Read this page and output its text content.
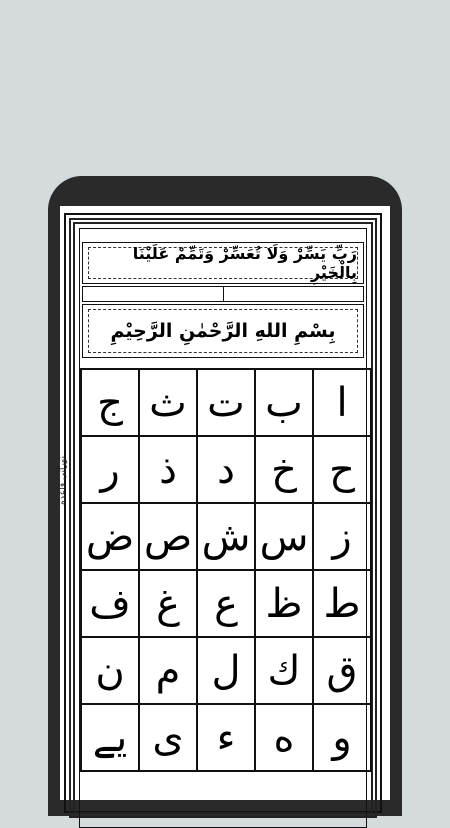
نورانی قاعدہ
رَبِّ يَسِّرْ وَلَا تُعَسِّرْ وَتَمِّمْ عَلَيْنَا بِالْخَيْرِ
بِسْمِ اللهِ الرَّحْمٰنِ الرَّحِيْمِ
ا
ب
ت
ث
ج
ح
خ
د
ذ
ر
ز
س
ش
ص
ض
ط
ظ
ع
غ
ف
ق
ك
ل
م
ن
و
ه
ء
ى
يے
